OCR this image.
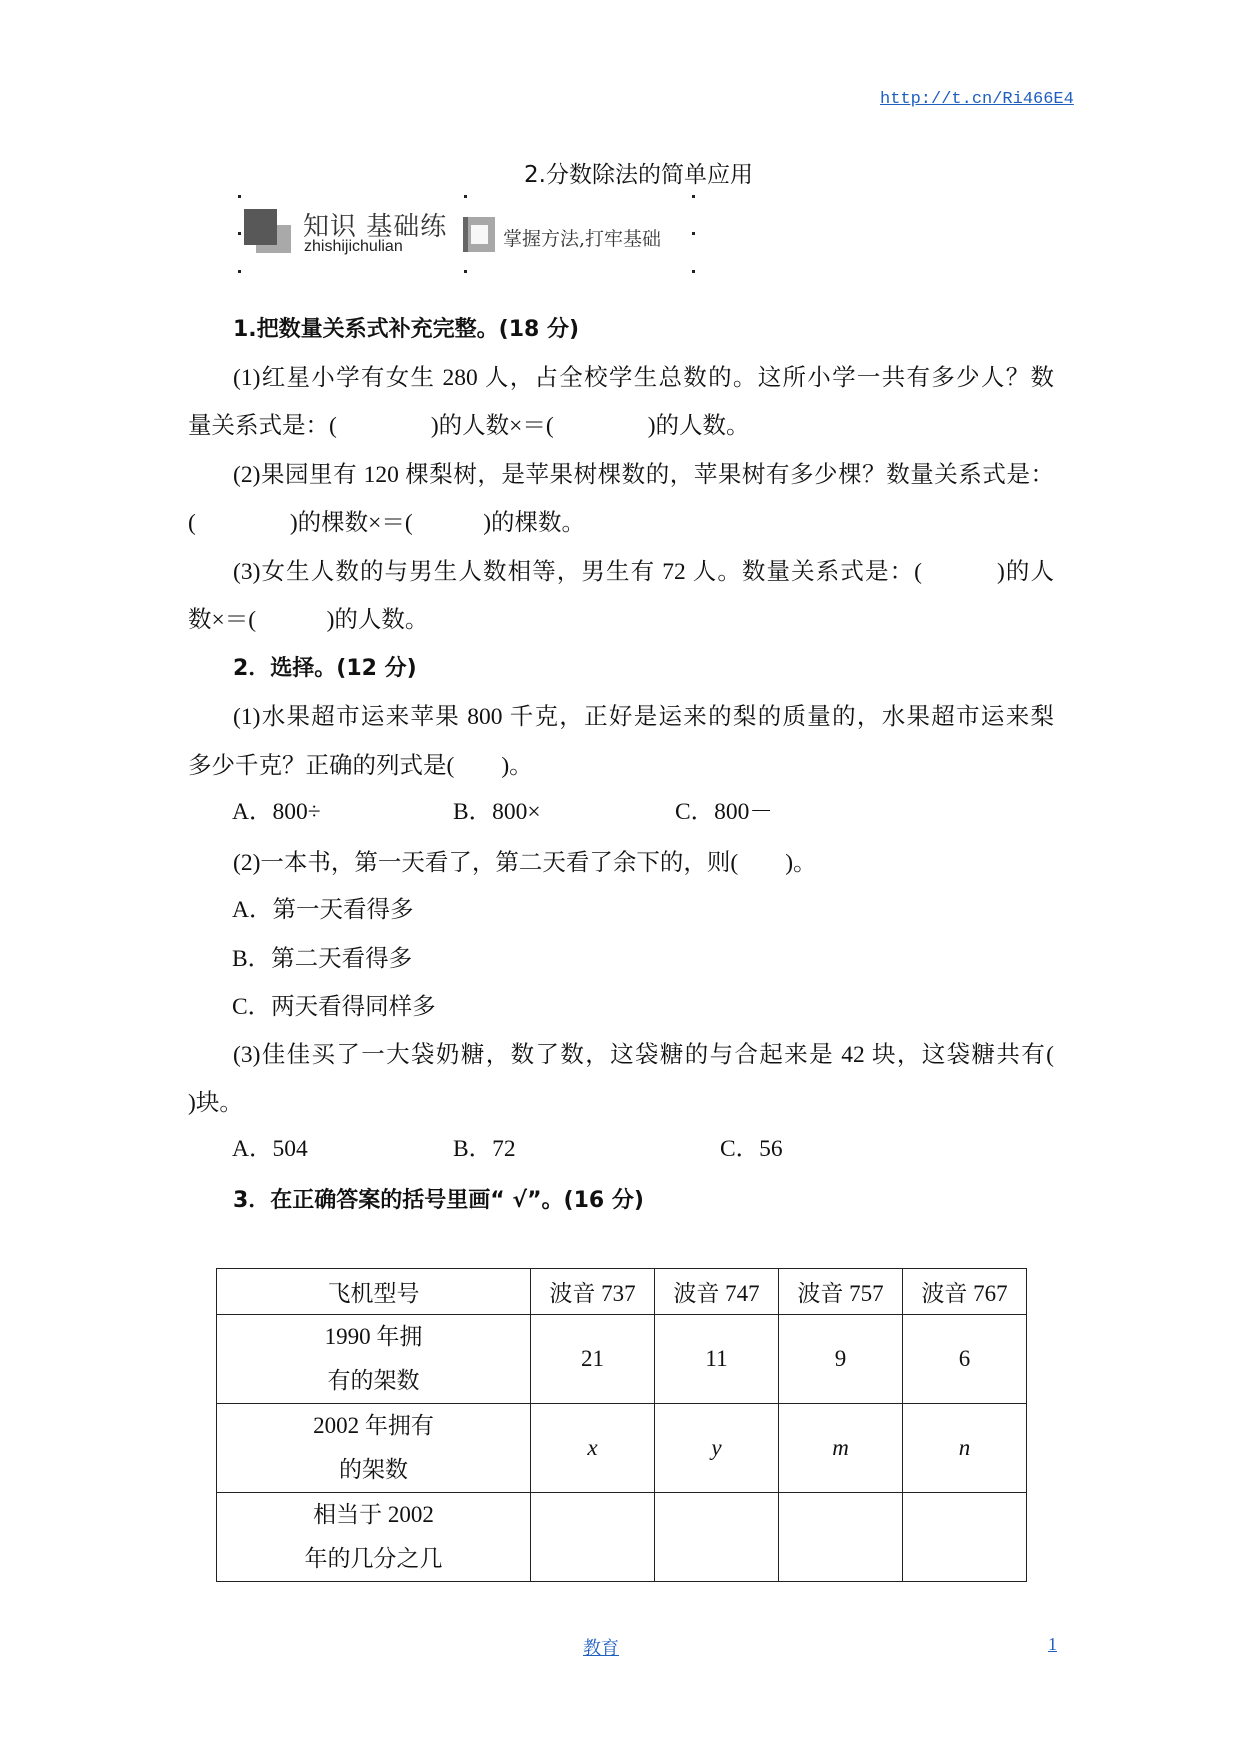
http://t.cn/Ri466E4
2.分数除法的简单应用
知识 基础练
zhishijichulian	掌握方法,打牢基础
1.把数量关系式补充完整。(18 分)
(1)红星小学有女生 280 人，占全校学生总数的。这所小学一共有多少人？数
量关系式是：(　　　　)的人数×＝(　　　　)的人数。
(2)果园里有 120 棵梨树，是苹果树棵数的，苹果树有多少棵？数量关系式是：
(　　　　)的棵数×＝(　　　)的棵数。
(3)女生人数的与男生人数相等，男生有 72 人。数量关系式是：(　　　)的人
数×＝(　　　)的人数。
2．选择。(12 分)
(1)水果超市运来苹果 800 千克，正好是运来的梨的质量的，水果超市运来梨
多少千克？正确的列式是(　　)。
A．800÷	B．800×	C．800－
(2)一本书，第一天看了，第二天看了余下的，则(　　)。
A．第一天看得多
B．第二天看得多
C．两天看得同样多
(3)佳佳买了一大袋奶糖，数了数，这袋糖的与合起来是 42 块，这袋糖共有(
)块。
A．504	B．72	C．56
3．在正确答案的括号里画“ √”。(16 分)
飞机型号	波音 737	波音 747	波音 757	波音 767
1990 年拥
有的架数	21	11	9	6
2002 年拥有
的架数	x	y	m	n
相当于 2002
年的几分之几				
教育	1
